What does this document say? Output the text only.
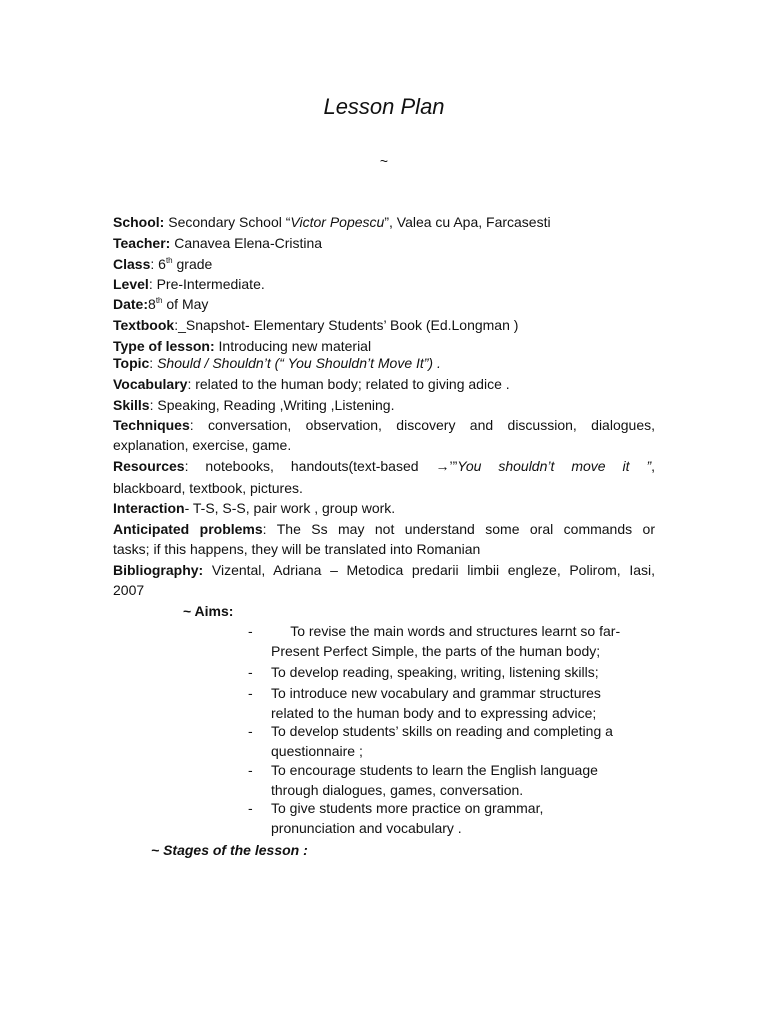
Lesson Plan
~
School: Secondary School “Victor Popescu”, Valea cu Apa, Farcasesti
Teacher: Canavea Elena-Cristina
Class: 6th grade
Level: Pre-Intermediate.
Date:8th of May
Textbook:_Snapshot- Elementary Students’ Book (Ed.Longman )
Type of lesson: Introducing new material
Topic: Should / Shouldn’t (“ You Shouldn’t Move It”) .
Vocabulary: related to the human body; related to giving adice .
Skills: Speaking, Reading ,Writing ,Listening.
Techniques: conversation, observation, discovery and discussion, dialogues,
explanation, exercise, game.
Resources: notebooks, handouts(text-based →’”You shouldn’t move it ”,
blackboard, textbook, pictures.
Interaction- T-S, S-S, pair work , group work.
Anticipated problems: The Ss may not understand some oral commands or
tasks; if this happens, they will be translated into Romanian
Bibliography: Vizental, Adriana – Metodica predarii limbii engleze, Polirom, Iasi,
2007
~ Aims:
- To revise the main words and structures learnt so far-
Present Perfect Simple, the parts of the human body;
- To develop reading, speaking, writing, listening skills;
- To introduce new vocabulary and grammar structures
related to the human body and to expressing advice;
- To develop students’ skills on reading and completing a
questionnaire ;
- To encourage students to learn the English language
through dialogues, games, conversation.
- To give students more practice on grammar,
pronunciation and vocabulary .
~ Stages of the lesson :
